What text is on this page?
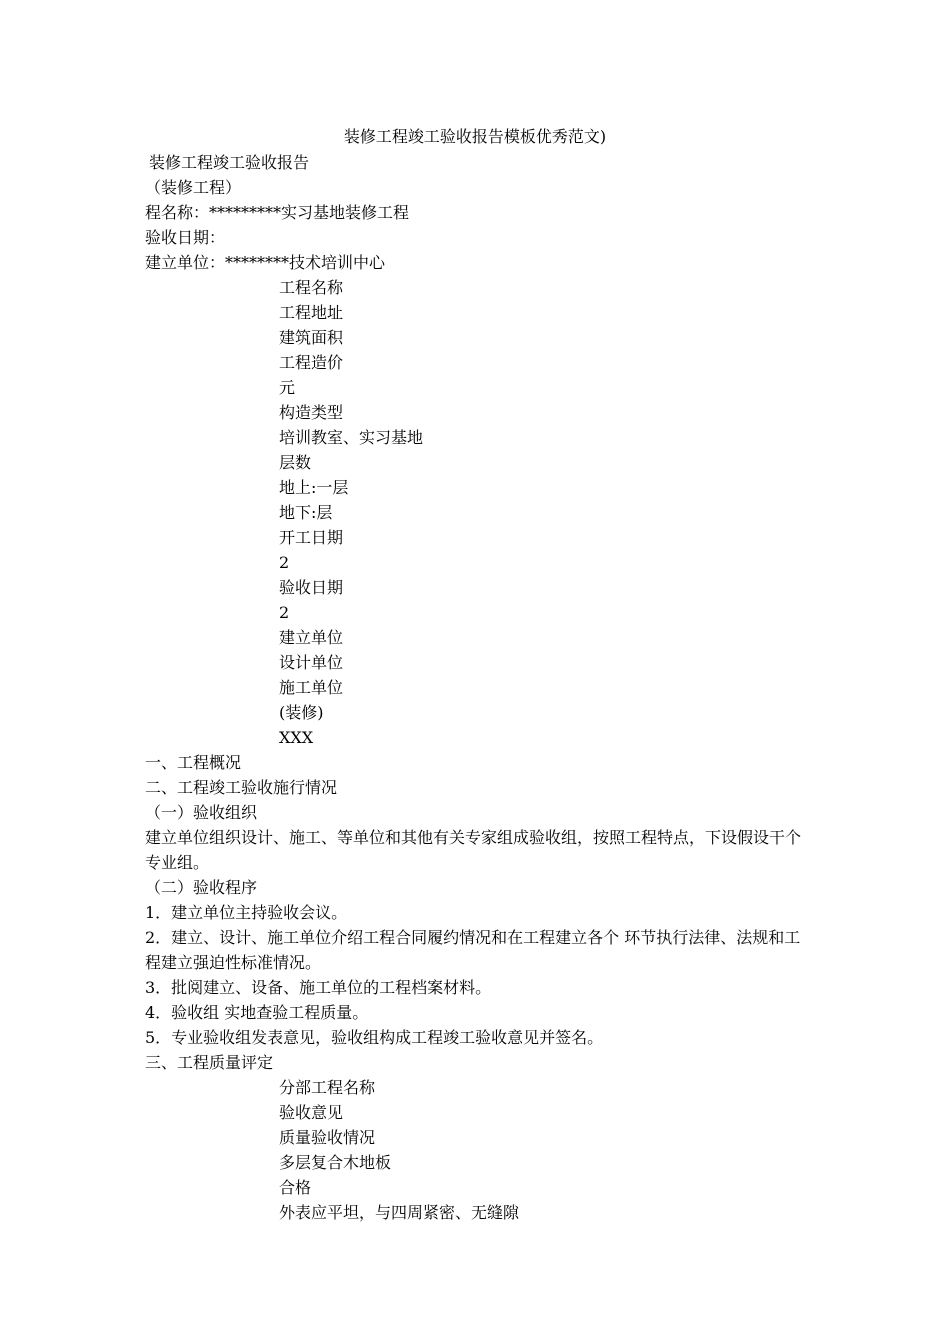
装修工程竣工验收报告模板优秀范文)
装修工程竣工验收报告
（装修工程）
程名称：*********实习基地装修工程
验收日期：
建立单位：********技术培训中心
工程名称
工程地址
建筑面积
工程造价
元
构造类型
培训教室、实习基地
层数
地上:一层
地下:层
开工日期
2
验收日期
2
建立单位
设计单位
施工单位
(装修)
XXX
一、工程概况
二、工程竣工验收施行情况
（一）验收组织
建立单位组织设计、施工、等单位和其他有关专家组成验收组，按照工程特点，下设假设干个专业组。
（二）验收程序
1．建立单位主持验收会议。
2．建立、设计、施工单位介绍工程合同履约情况和在工程建立各个 环节执行法律、法规和工程建立强迫性标准情况。
3．批阅建立、设备、施工单位的工程档案材料。
4．验收组 实地查验工程质量。
5．专业验收组发表意见，验收组构成工程竣工验收意见并签名。
三、工程质量评定
分部工程名称
验收意见
质量验收情况
多层复合木地板
合格
外表应平坦，与四周紧密、无缝隙
